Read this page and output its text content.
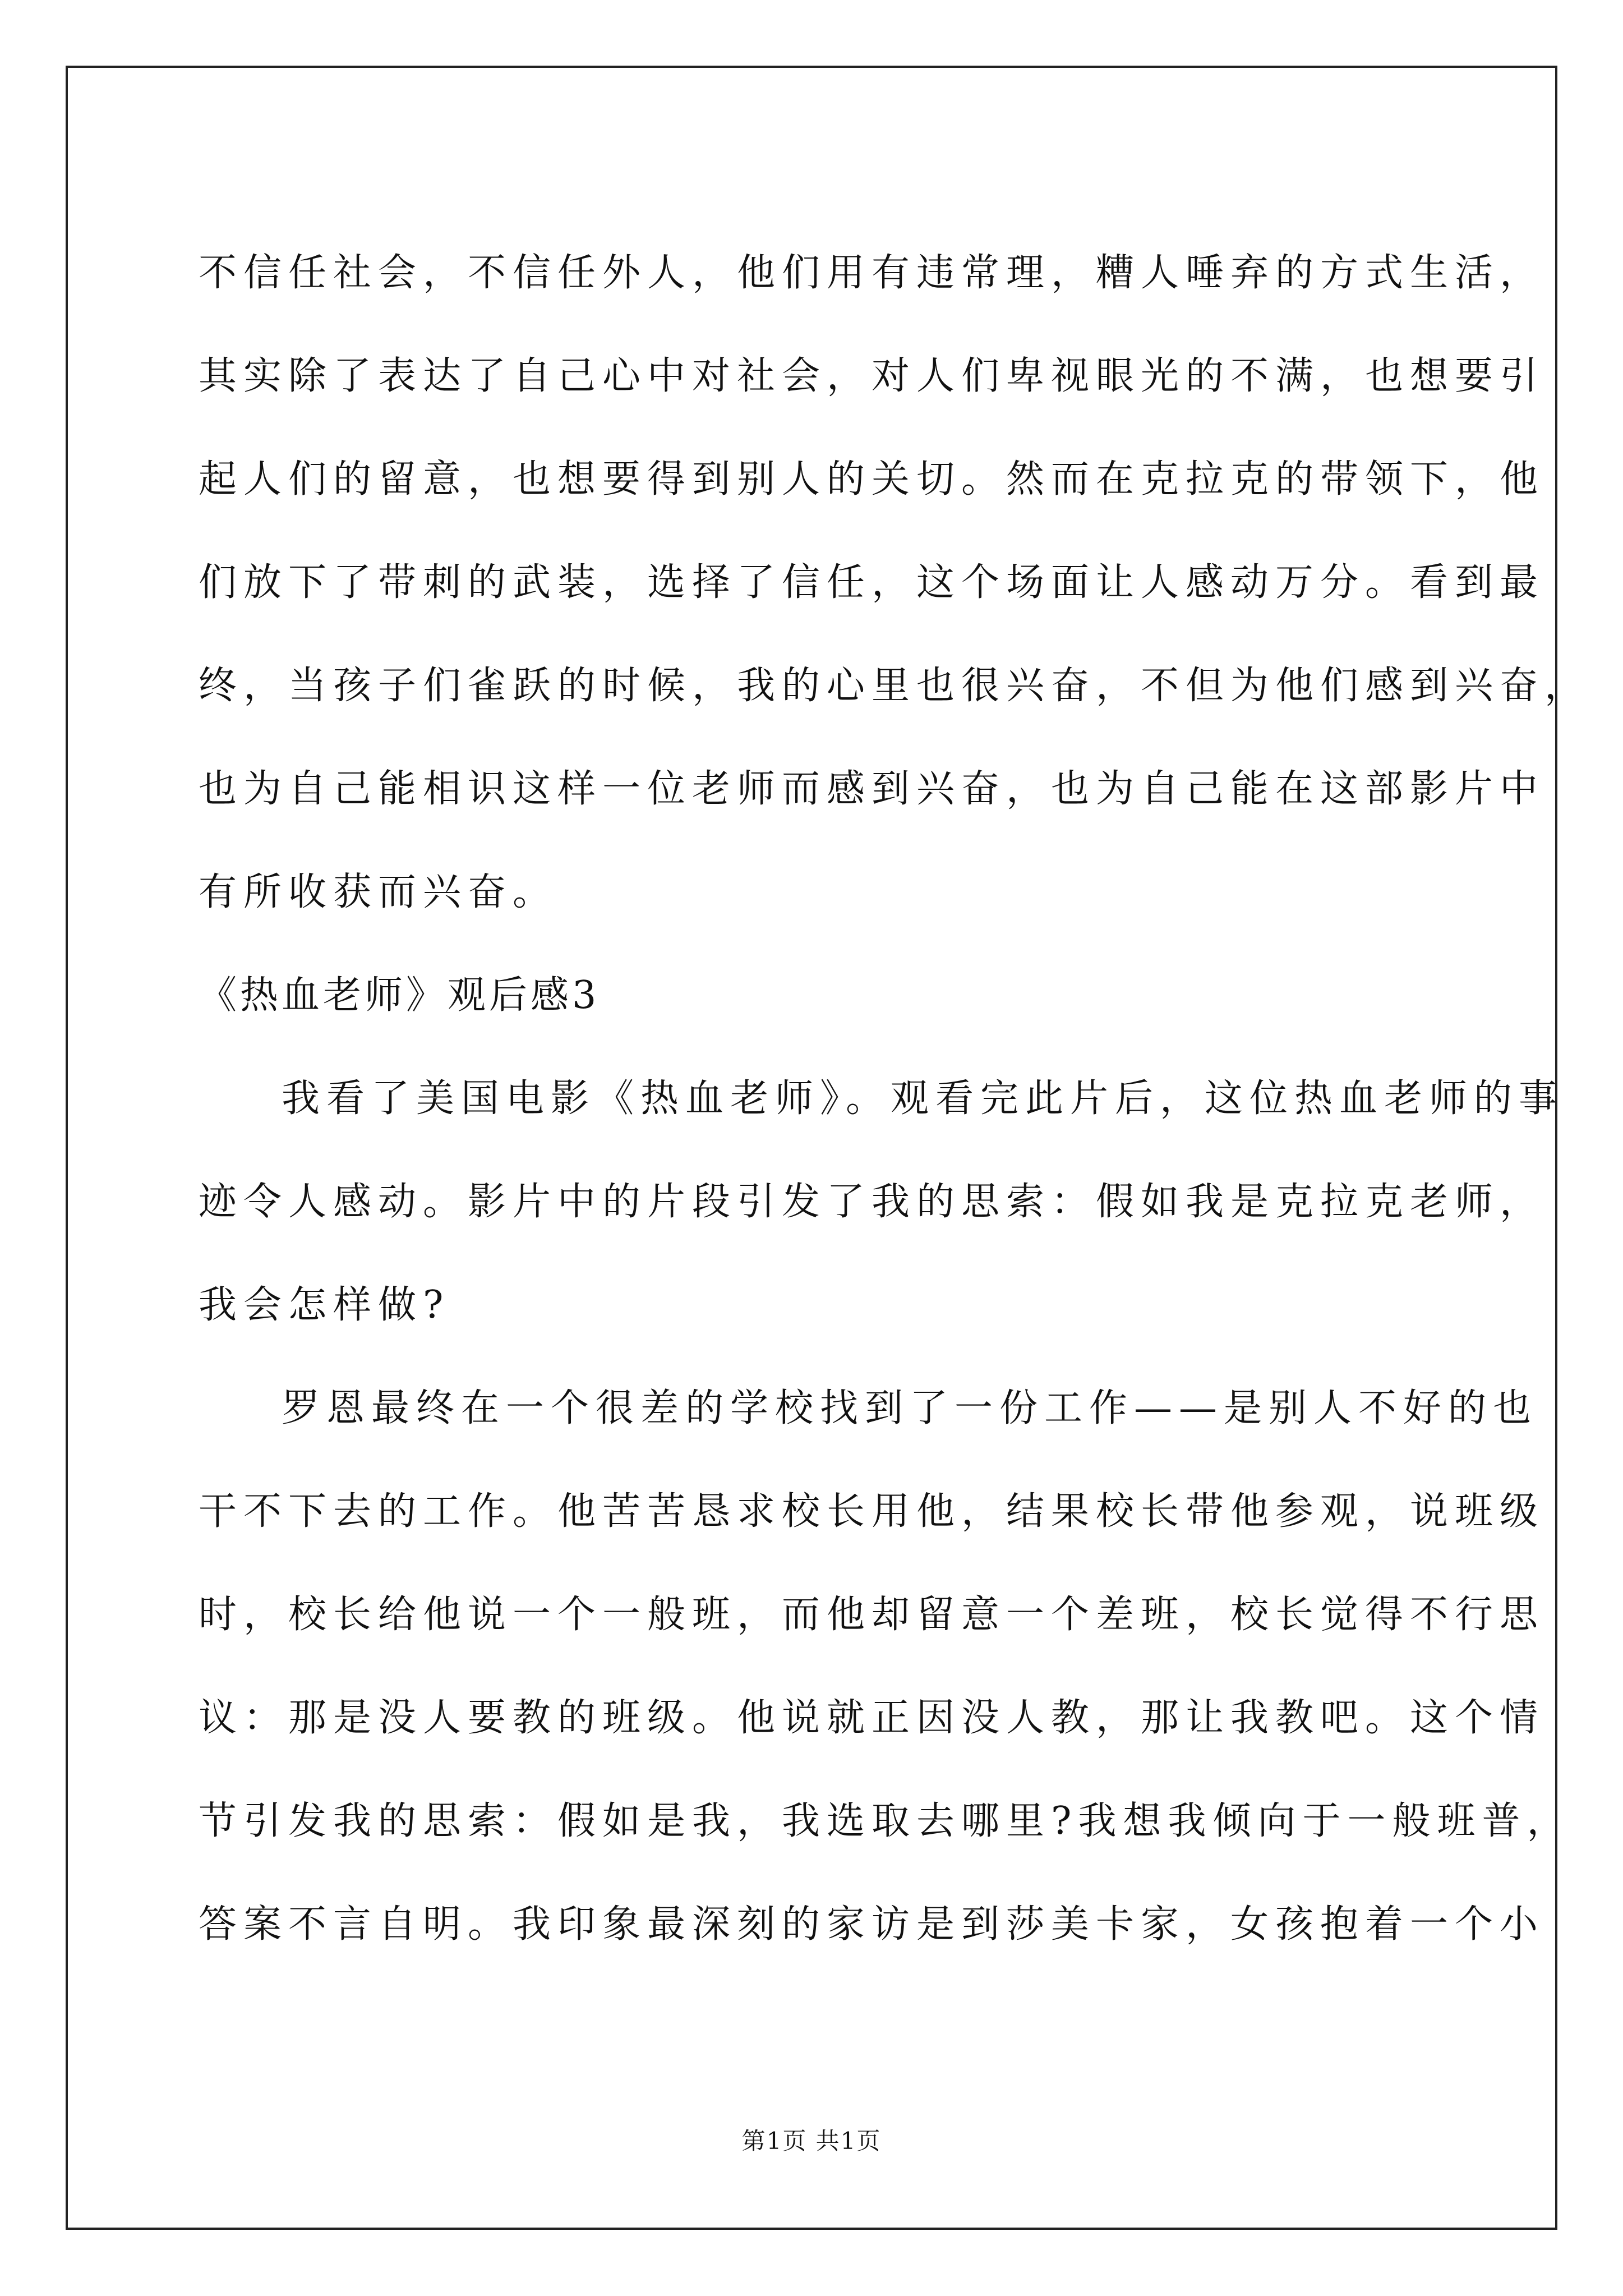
不信任社会，不信任外人，他们用有违常理，糟人唾弃的方式生活，
其实除了表达了自己心中对社会，对人们卑视眼光的不满，也想要引
起人们的留意，也想要得到别人的关切。然而在克拉克的带领下，他
们放下了带刺的武装，选择了信任，这个场面让人感动万分。看到最
终，当孩子们雀跃的时候，我的心里也很兴奋，不但为他们感到兴奋，
也为自己能相识这样一位老师而感到兴奋，也为自己能在这部影片中
有所收获而兴奋。
《热血老师》观后感3
我看了美国电影《热血老师》。观看完此片后，这位热血老师的事
迹令人感动。影片中的片段引发了我的思索：假如我是克拉克老师，
我会怎样做?
罗恩最终在一个很差的学校找到了一份工作——是别人不好的也
干不下去的工作。他苦苦恳求校长用他，结果校长带他参观，说班级
时，校长给他说一个一般班，而他却留意一个差班，校长觉得不行思
议：那是没人要教的班级。他说就正因没人教，那让我教吧。这个情
节引发我的思索：假如是我，我选取去哪里?我想我倾向于一般班普，
答案不言自明。我印象最深刻的家访是到莎美卡家，女孩抱着一个小
第1页 共1页
